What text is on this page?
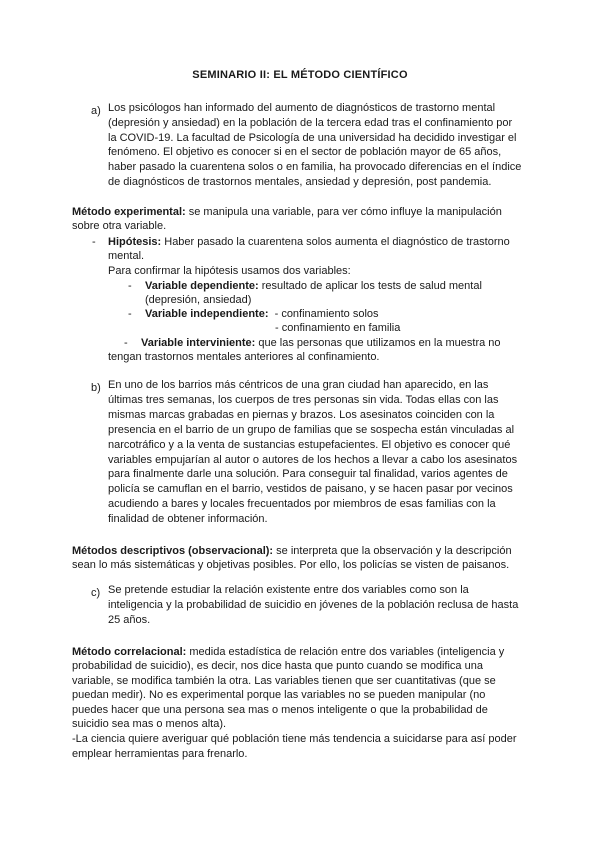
SEMINARIO II: EL MÉTODO CIENTÍFICO
a) Los psicólogos han informado del aumento de diagnósticos de trastorno mental

(depresión y ansiedad) en la población de la tercera edad tras el confinamiento por

la COVID-19. La facultad de Psicología de una universidad ha decidido investigar el

fenómeno. El objetivo es conocer si en el sector de población mayor de 65 años,

haber pasado la cuarentena solos o en familia, ha provocado diferencias en el índice

de diagnósticos de trastornos mentales, ansiedad y depresión, post pandemia.

Método experimental: se manipula una variable, para ver cómo influye la manipulación
sobre otra variable.
- Hipótesis: Haber pasado la cuarentena solos aumenta el diagnóstico de trastorno
mental.
Para confirmar la hipótesis usamos dos variables:
- Variable dependiente: resultado de aplicar los tests de salud mental
(depresión, ansiedad)
- Variable independiente:  - confinamiento solos
- confinamiento en familia
- Variable interviniente: que las personas que utilizamos en la muestra no
tengan trastornos mentales anteriores al confinamiento.
b) En uno de los barrios más céntricos de una gran ciudad han aparecido, en las

últimas tres semanas, los cuerpos de tres personas sin vida. Todas ellas con las

mismas marcas grabadas en piernas y brazos. Los asesinatos coinciden con la

presencia en el barrio de un grupo de familias que se sospecha están vinculadas al

narcotráfico y a la venta de sustancias estupefacientes. El objetivo es conocer qué

variables empujarían al autor o autores de los hechos a llevar a cabo los asesinatos

para finalmente darle una solución. Para conseguir tal finalidad, varios agentes de

policía se camuflan en el barrio, vestidos de paisano, y se hacen pasar por vecinos

acudiendo a bares y locales frecuentados por miembros de esas familias con la

finalidad de obtener información.

Métodos descriptivos (observacional): se interpreta que la observación y la descripción
sean lo más sistemáticas y objetivas posibles. Por ello, los policías se visten de paisanos.
c) Se pretende estudiar la relación existente entre dos variables como son la

inteligencia y la probabilidad de suicidio en jóvenes de la población reclusa de hasta

25 años.

Método correlacional: medida estadística de relación entre dos variables (inteligencia y

probabilidad de suicidio), es decir, nos dice hasta que punto cuando se modifica una

variable, se modifica también la otra. Las variables tienen que ser cuantitativas (que se

puedan medir). No es experimental porque las variables no se pueden manipular (no

puedes hacer que una persona sea mas o menos inteligente o que la probabilidad de

suicidio sea mas o menos alta).

-La ciencia quiere averiguar qué población tiene más tendencia a suicidarse para así poder

emplear herramientas para frenarlo.
